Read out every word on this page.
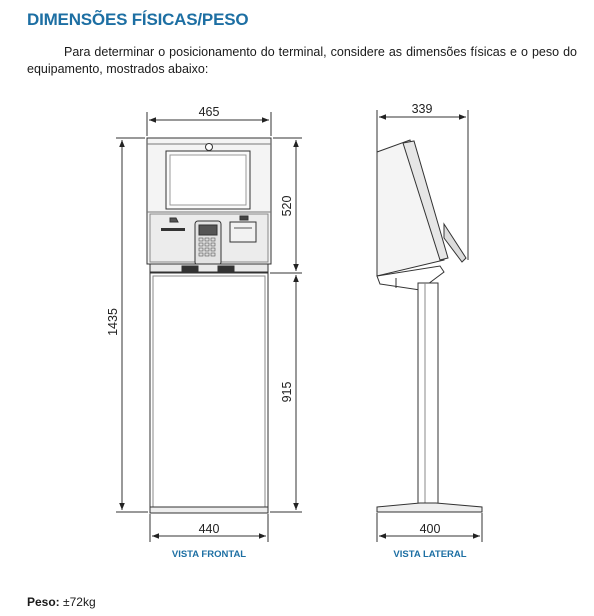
DIMENSÕES FÍSICAS/PESO

Para determinar o posicionamento do terminal, considere as dimensões físicas e o peso do equipamento, mostrados abaixo:

465
1435
520
915
440
VISTA FRONTAL
339
400
VISTA LATERAL

Peso: ±72kg
